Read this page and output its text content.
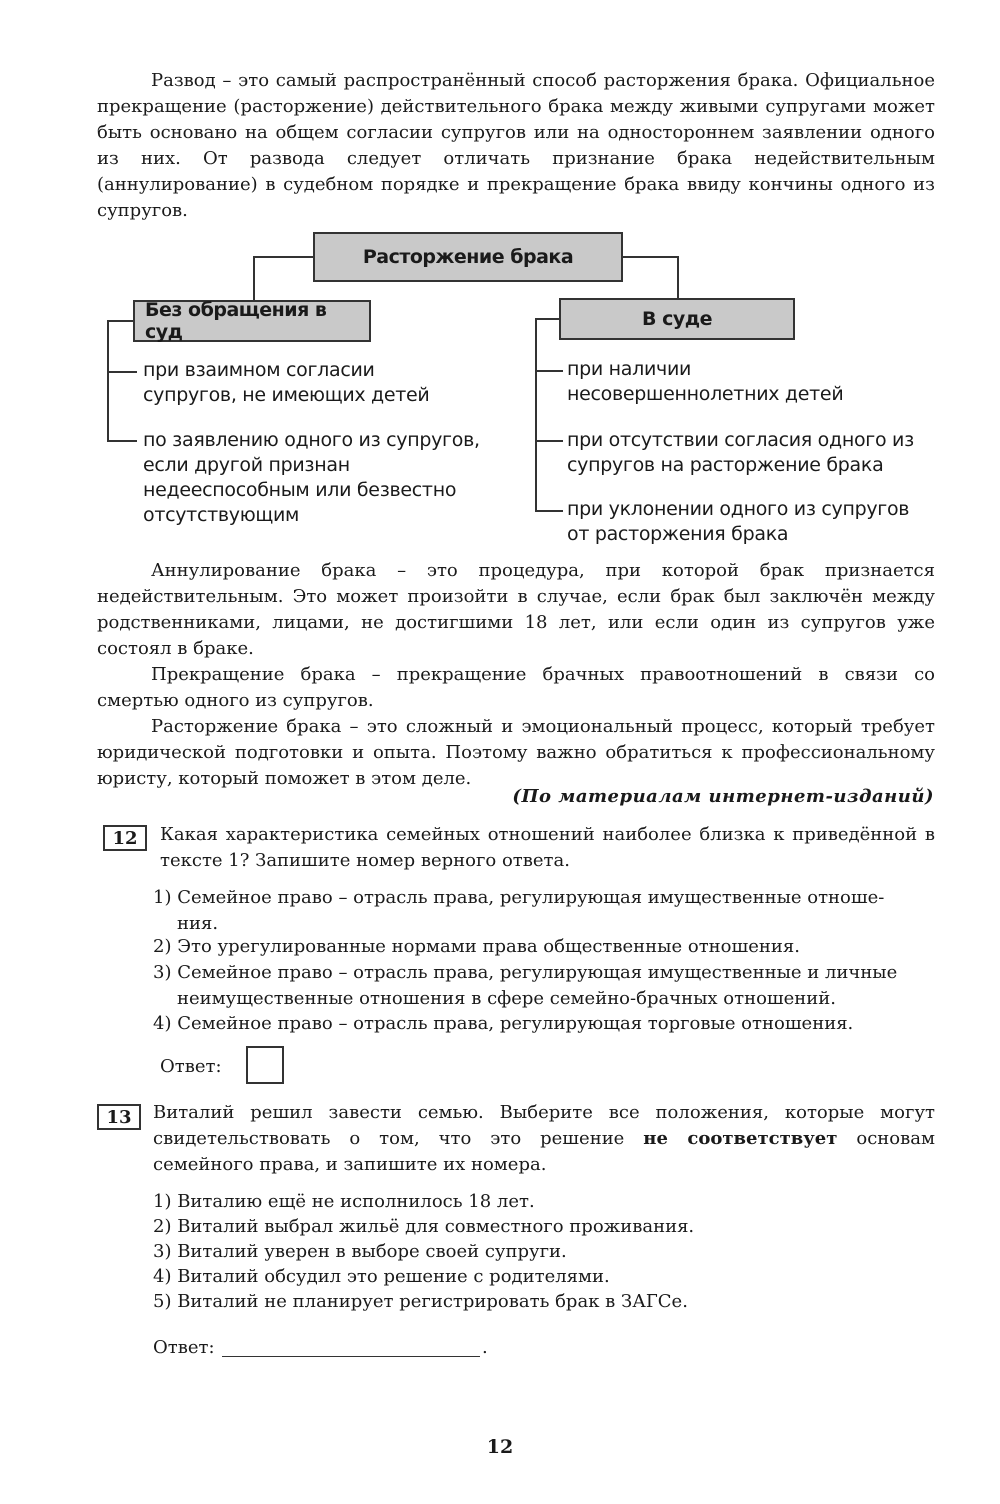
Развод – это самый распространённый способ расторжения брака. Официальное прекращение (расторжение) действительного брака между живыми супругами может быть основано на общем согласии супругов или на одностороннем заявлении одного из них. От развода следует отличать признание брака недействительным (аннулирование) в судебном порядке и прекращение брака ввиду кончины одного из супругов.

Расторжение брака
Без обращения в суд
В суде
при взаимном согласии супругов, не имеющих детей
по заявлению одного из супругов, если другой признан недееспособным или безвестно отсутствующим
при наличии несовершеннолетних детей
при отсутствии согласия одного из супругов на расторжение брака
при уклонении одного из супругов от расторжения брака

Аннулирование брака – это процедура, при которой брак признается недействительным. Это может произойти в случае, если брак был заключён между родственниками, лицами, не достигшими 18 лет, или если один из супругов уже состоял в браке.

Прекращение брака – прекращение брачных правоотношений в связи со смертью одного из супругов.

Расторжение брака – это сложный и эмоциональный процесс, который требует юридической подготовки и опыта. Поэтому важно обратиться к профессиональному юристу, который поможет в этом деле.

(По материалам интернет-изданий)
12	Какая характеристика семейных отношений наиболее близка к приведённой в тексте 1? Запишите номер верного ответа.

1) Семейное право – отрасль права, регулирующая имущественные отноше-
ния.
2) Это урегулированные нормами права общественные отношения.
3) Семейное право – отрасль права, регулирующая имущественные и личные
неимущественные отношения в сфере семейно-брачных отношений.
4) Семейное право – отрасль права, регулирующая торговые отношения.
Ответ:
13	Виталий решил завести семью. Выберите все положения, которые могут свидетельствовать о том, что это решение не соответствует основам семейного права, и запишите их номера.

1) Виталию ещё не исполнилось 18 лет.
2) Виталий выбрал жильё для совместного проживания.
3) Виталий уверен в выборе своей супруги.
4) Виталий обсудил это решение с родителями.
5) Виталий не планирует регистрировать брак в ЗАГСе.
Ответ:	.
12
